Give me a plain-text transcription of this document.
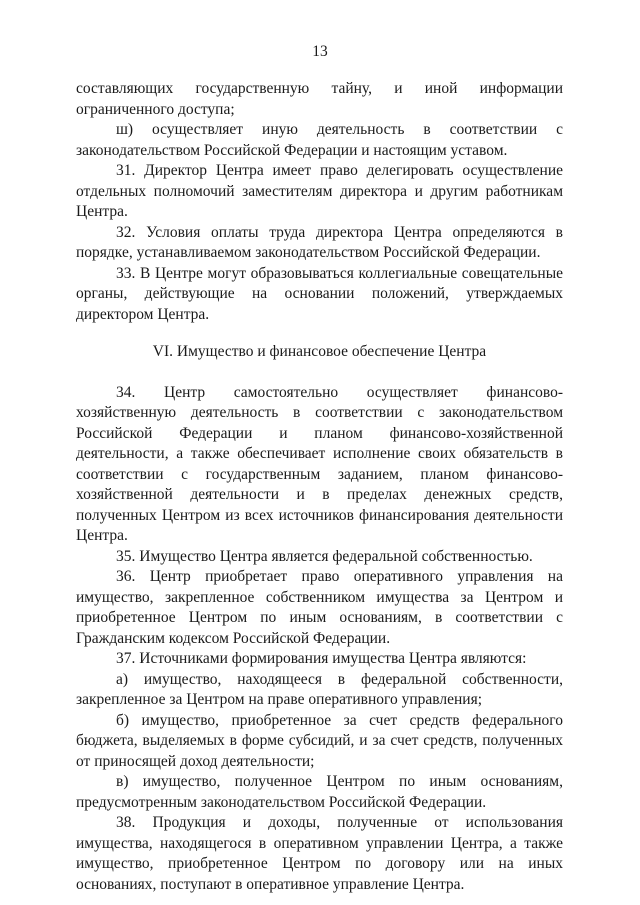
13

составляющих государственную тайну, и иной информации ограниченного доступа;

ш) осуществляет иную деятельность в соответствии с законодательством Российской Федерации и настоящим уставом.

31. Директор Центра имеет право делегировать осуществление отдельных полномочий заместителям директора и другим работникам Центра.

32. Условия оплаты труда директора Центра определяются в порядке, устанавливаемом законодательством Российской Федерации.

33. В Центре могут образовываться коллегиальные совещательные органы, действующие на основании положений, утверждаемых директором Центра.

VI. Имущество и финансовое обеспечение Центра

34. Центр самостоятельно осуществляет финансово-хозяйственную деятельность в соответствии с законодательством Российской Федерации и планом финансово-хозяйственной деятельности, а также обеспечивает исполнение своих обязательств в соответствии с государственным заданием, планом финансово-хозяйственной деятельности и в пределах денежных средств, полученных Центром из всех источников финансирования деятельности Центра.

35. Имущество Центра является федеральной собственностью.

36. Центр приобретает право оперативного управления на имущество, закрепленное собственником имущества за Центром и приобретенное Центром по иным основаниям, в соответствии с Гражданским кодексом Российской Федерации.

37. Источниками формирования имущества Центра являются:

а) имущество, находящееся в федеральной собственности, закрепленное за Центром на праве оперативного управления;

б) имущество, приобретенное за счет средств федерального бюджета, выделяемых в форме субсидий, и за счет средств, полученных от приносящей доход деятельности;

в) имущество, полученное Центром по иным основаниям, предусмотренным законодательством Российской Федерации.

38. Продукция и доходы, полученные от использования имущества, находящегося в оперативном управлении Центра, а также имущество, приобретенное Центром по договору или на иных основаниях, поступают в оперативное управление Центра.
